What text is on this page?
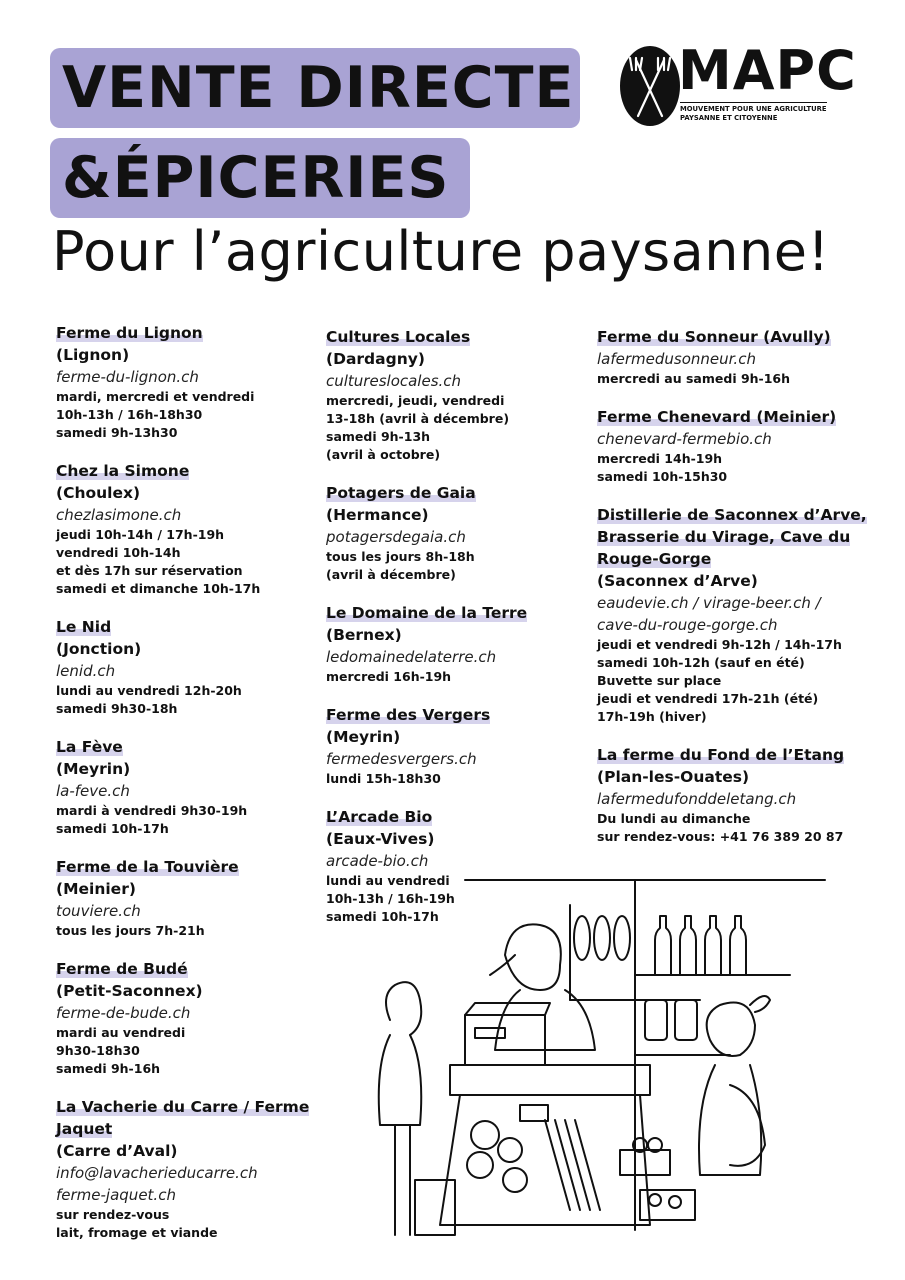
VENTE DIRECTE
&ÉPICERIES
Pour l’agriculture paysanne!
MAPC
MOUVEMENT POUR UNE AGRICULTURE
PAYSANNE ET CITOYENNE
Ferme du Lignon
(Lignon)
ferme-du-lignon.ch
mardi, mercredi et vendredi
10h-13h / 16h-18h30
samedi 9h-13h30
Chez la Simone
(Choulex)
chezlasimone.ch
jeudi 10h-14h / 17h-19h
vendredi 10h-14h
et dès 17h sur réservation
samedi et dimanche 10h-17h
Le Nid
(Jonction)
lenid.ch
lundi au vendredi 12h-20h
samedi 9h30-18h
La Fève
(Meyrin)
la-feve.ch
mardi à vendredi 9h30-19h
samedi 10h-17h
Ferme de la Touvière
(Meinier)
touviere.ch
tous les jours 7h-21h
Ferme de Budé
(Petit-Saconnex)
ferme-de-bude.ch
mardi au vendredi
9h30-18h30
samedi 9h-16h
La Vacherie du Carre / Ferme Jaquet
(Carre d’Aval)
info@lavacherieducarre.ch
ferme-jaquet.ch
sur rendez-vous
lait, fromage et viande
Cultures Locales
(Dardagny)
cultureslocales.ch
mercredi, jeudi, vendredi
13-18h (avril à décembre)
samedi 9h-13h
(avril à octobre)
Potagers de Gaia
(Hermance)
potagersdegaia.ch
tous les jours 8h-18h
(avril à décembre)
Le Domaine de la Terre
(Bernex)
ledomainedelaterre.ch
mercredi 16h-19h
Ferme des Vergers
(Meyrin)
fermedesvergers.ch
lundi 15h-18h30
L’Arcade Bio
(Eaux-Vives)
arcade-bio.ch
lundi au vendredi
10h-13h / 16h-19h
samedi 10h-17h
Ferme du Sonneur (Avully)
lafermedusonneur.ch
mercredi au samedi 9h-16h
Ferme Chenevard (Meinier)
chenevard-fermebio.ch
mercredi 14h-19h
samedi 10h-15h30
Distillerie de Saconnex d’Arve, Brasserie du Virage, Cave du Rouge-Gorge
(Saconnex d’Arve)
eaudevie.ch / virage-beer.ch /
cave-du-rouge-gorge.ch
jeudi et vendredi 9h-12h / 14h-17h
samedi 10h-12h (sauf en été)
Buvette sur place
jeudi et vendredi 17h-21h (été)
17h-19h (hiver)
La ferme du Fond de l’Etang
(Plan-les-Ouates)
lafermedufonddeletang.ch
Du lundi au dimanche
sur rendez-vous: +41 76 389 20 87
